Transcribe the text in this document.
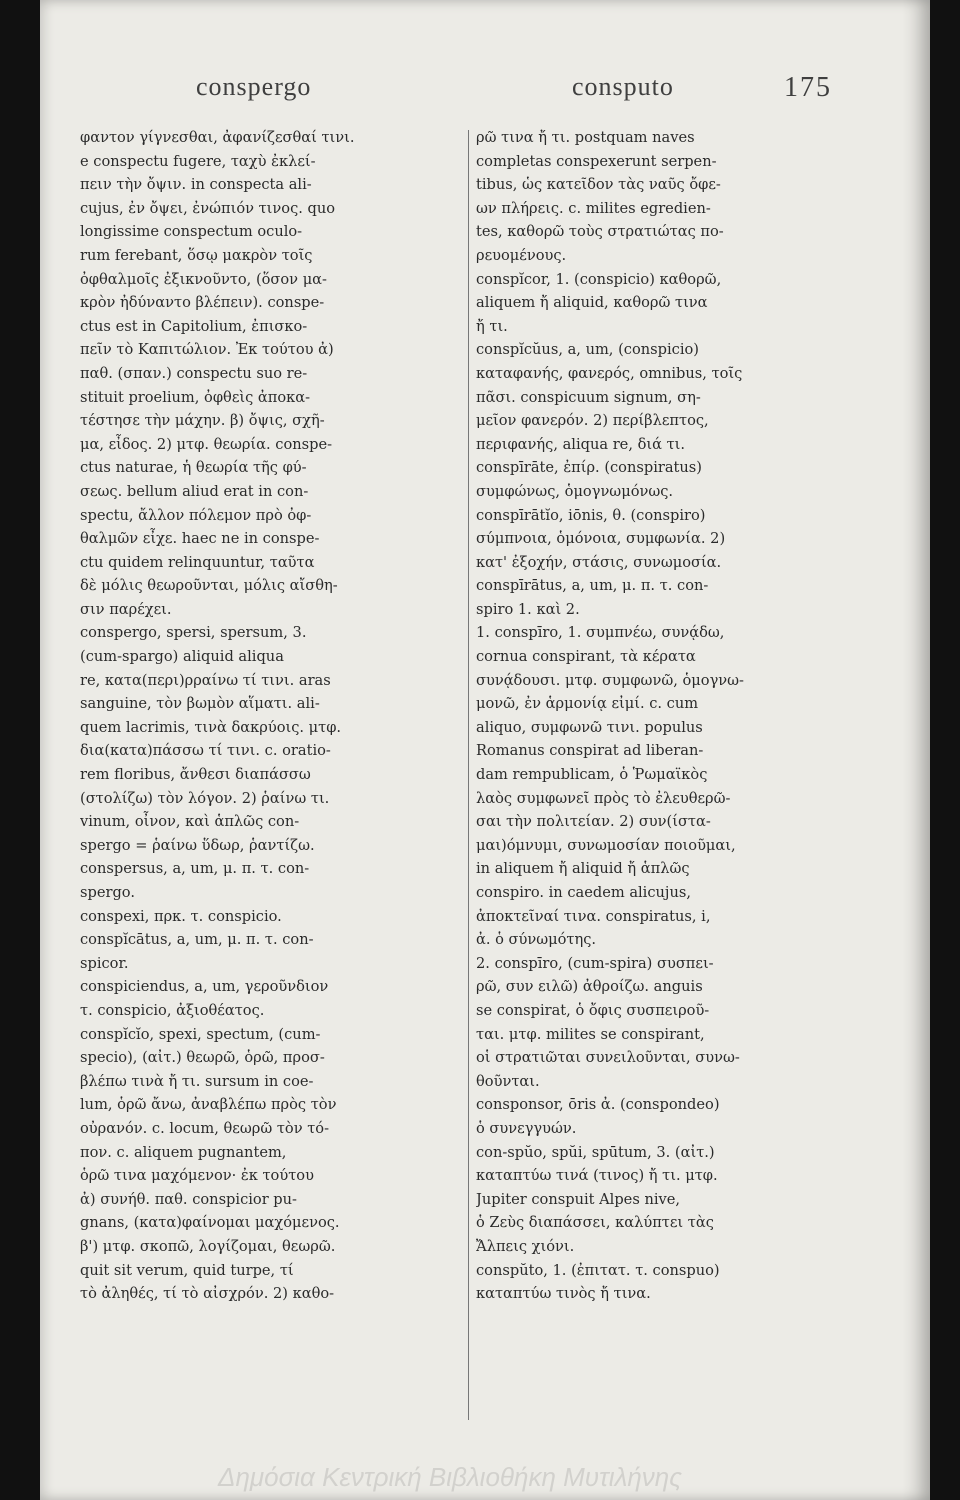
conspergo	consputo	175
φαντον γίγνεσθαι, ἀφανίζεσθαί τινι.
e conspectu fugere, ταχὺ ἐκλεί-
πειν τὴν ὄψιν. in conspecta ali-
cujus, ἐν ὄψει, ἐνώπιόν τινος. quo
longissime conspectum oculo-
rum ferebant, ὅσῳ μακρὸν τοῖς
ὀφθαλμοῖς ἐξικνοῦντο, (ὅσον μα-
κρὸν ἠδύναντο βλέπειν). conspe-
ctus est in Capitolium, ἐπισκο-
πεῖν τὸ Καπιτώλιον. Ἐκ τούτου ἀ)
παθ. (σπαν.) conspectu suo re-
stituit proelium, ὀφθεὶς ἀποκα-
τέστησε τὴν μάχην. β) ὄψις, σχῆ-
μα, εἶδος. 2) μτφ. θεωρία. conspe-
ctus naturae, ἡ θεωρία τῆς φύ-
σεως. bellum aliud erat in con-
spectu, ἄλλον πόλεμον πρὸ ὀφ-
θαλμῶν εἶχε. haec ne in conspe-
ctu quidem relinquuntur, ταῦτα
δὲ μόλις θεωροῦνται, μόλις αἴσθη-
σιν παρέχει.
conspergo, spersi, spersum, 3.
(cum-spargo) aliquid aliqua
re, κατα(περι)ρραίνω τί τινι. aras
sanguine, τὸν βωμὸν αἵματι. ali-
quem lacrimis, τινὰ δακρύοις. μτφ.
δια(κατα)πάσσω τί τινι. c. oratio-
rem floribus, ἄνθεσι διαπάσσω
(στολίζω) τὸν λόγον. 2) ῥαίνω τι.
vinum, οἶνον, καὶ ἁπλῶς con-
spergo = ῥαίνω ὕδωρ, ῥαντίζω.
conspersus, a, um, μ. π. τ. con-
spergo.
conspexi, πρκ. τ. conspicio.
conspĭcātus, a, um, μ. π. τ. con-
spicor.
conspiciendus, a, um, γεροῦνδιον
τ. conspicio, ἀξιοθέατος.
conspĭcĭo, spexi, spectum, (cum-
specio), (αἰτ.) θεωρῶ, ὁρῶ, προσ-
βλέπω τινὰ ἤ τι. sursum in coe-
lum, ὁρῶ ἄνω, ἀναβλέπω πρὸς τὸν
οὐρανόν. c. locum, θεωρῶ τὸν τό-
πον. c. aliquem pugnantem,
ὁρῶ τινα μαχόμενον· ἐκ τούτου
ἀ) συνήθ. παθ. conspicior pu-
gnans, (κατα)φαίνομαι μαχόμενος.
β') μτφ. σκοπῶ, λογίζομαι, θεωρῶ.
quit sit verum, quid turpe, τί
τὸ ἀληθές, τί τὸ αἰσχρόν. 2) καθο-
ρῶ τινα ἤ τι. postquam naves
completas conspexerunt serpen-
tibus, ὡς κατεῖδον τὰς ναῦς ὄφε-
ων πλήρεις. c. milites egredien-
tes, καθορῶ τοὺς στρατιώτας πο-
ρευομένους.
conspĭcor, 1. (conspicio) καθορῶ,
aliquem ἤ aliquid, καθορῶ τινα
ἤ τι.
conspĭcŭus, a, um, (conspicio)
καταφανής, φανερός, omnibus, τοῖς
πᾶσι. conspicuum signum, ση-
μεῖον φανερόν. 2) περίβλεπτος,
περιφανής, aliqua re, διά τι.
conspīrāte, ἐπίρ. (conspiratus)
συμφώνως, ὁμογνωμόνως.
conspīrātĭo, iōnis, θ. (conspiro)
σύμπνοια, ὁμόνοια, συμφωνία. 2)
κατ' ἐξοχήν, στάσις, συνωμοσία.
conspīrātus, a, um, μ. π. τ. con-
spiro 1. καὶ 2.
1. conspīro, 1. συμπνέω, συνᾴδω,
cornua conspirant, τὰ κέρατα
συνᾴδουσι. μτφ. συμφωνῶ, ὁμογνω-
μονῶ, ἐν ἁρμονίᾳ εἰμί. c. cum
aliquo, συμφωνῶ τινι. populus
Romanus conspirat ad liberan-
dam rempublicam, ὁ Ῥωμαϊκὸς
λαὸς συμφωνεῖ πρὸς τὸ ἐλευθερῶ-
σαι τὴν πολιτείαν. 2) συν(ίστα-
μαι)όμνυμι, συνωμοσίαν ποιοῦμαι,
in aliquem ἤ aliquid ἤ ἁπλῶς
conspiro. in caedem alicujus,
ἀποκτεῖναί τινα. conspiratus, i,
ἀ. ὁ σύνωμότης.
2. conspīro, (cum-spira) συσπει-
ρῶ, συν ειλῶ) ἀθροίζω. anguis
se conspirat, ὁ ὄφις συσπειροῦ-
ται. μτφ. milites se conspirant,
οἱ στρατιῶται συνειλοῦνται, συνω-
θοῦνται.
consponsor, ōris ἀ. (conspondeo)
ὁ συνεγγυών.
con-spŭo, spŭi, spūtum, 3. (αἰτ.)
καταπτύω τινά (τινος) ἤ τι. μτφ.
Jupiter conspuit Alpes nive,
ὁ Ζεὺς διαπάσσει, καλύπτει τὰς
Ἄλπεις χιόνι.
conspŭto, 1. (ἐπιτατ. τ. conspuo)
καταπτύω τινὸς ἤ τινα.
Δημόσια Κεντρική Βιβλιοθήκη Μυτιλήνης
